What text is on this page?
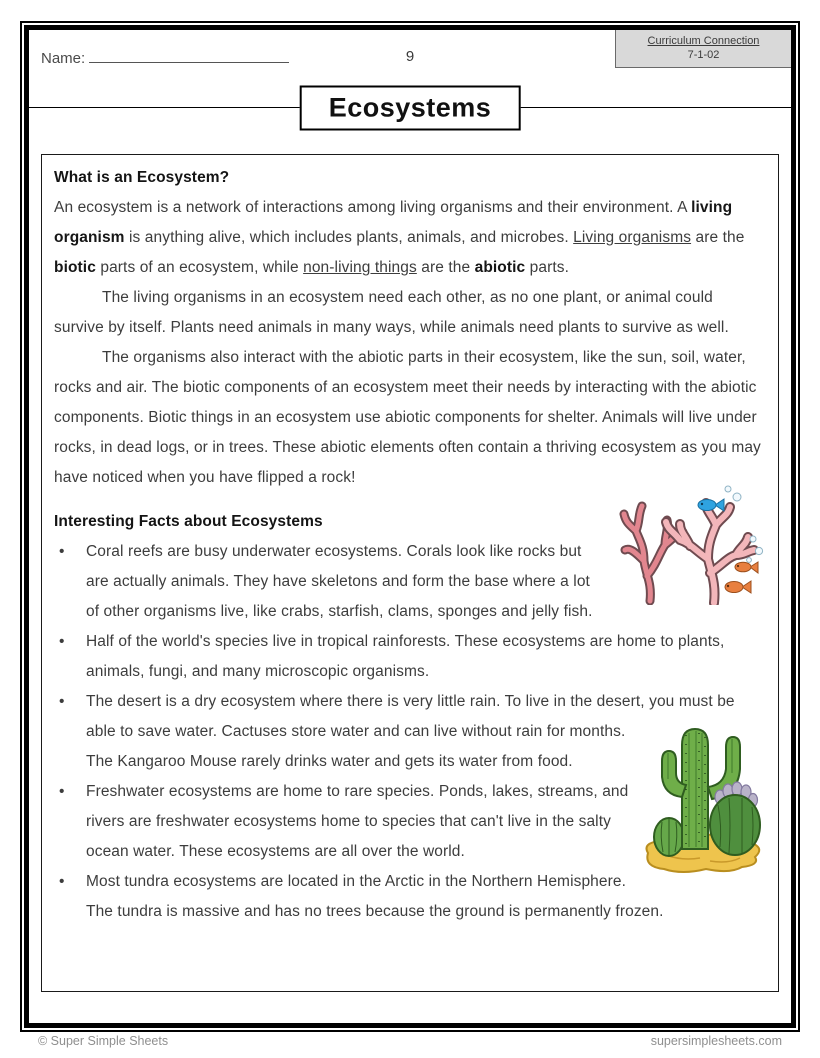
Name:	9
Curriculum Connection
7-1-02
Ecosystems
What is an Ecosystem?
An ecosystem is a network of interactions among living organisms and their environment. A living organism is anything alive, which includes plants, animals, and microbes. Living organisms are the biotic parts of an ecosystem, while non-living things are the abiotic parts.
The living organisms in an ecosystem need each other, as no one plant, or animal could survive by itself. Plants need animals in many ways, while animals need plants to survive as well.
The organisms also interact with the abiotic parts in their ecosystem, like the sun, soil, water, rocks and air. The biotic components of an ecosystem meet their needs by interacting with the abiotic components. Biotic things in an ecosystem use abiotic components for shelter. Animals will live under rocks, in dead logs, or in trees. These abiotic elements often contain a thriving ecosystem as you may have noticed when you have flipped a rock!
Interesting Facts about Ecosystems
• Coral reefs are busy underwater ecosystems. Corals look like rocks but are actually animals. They have skeletons and form the base where a lot of other organisms live, like crabs, starfish, clams, sponges and jelly fish.
• Half of the world's species live in tropical rainforests. These ecosystems are home to plants, animals, fungi, and many microscopic organisms.
• The desert is a dry ecosystem where there is very little rain. To live in the desert, you
must be able to save water. Cactuses store water and can live without rain for months. The Kangaroo Mouse rarely drinks water and gets its water from food.
• Freshwater ecosystems are home to rare species. Ponds, lakes, streams, and rivers are freshwater ecosystems home to species that can't live in the salty ocean water. These ecosystems are all over the world.
• Most tundra ecosystems are located in the Arctic in the Northern Hemisphere. The tundra is massive and has no trees because the ground is permanently frozen.
© Super Simple Sheets	supersimplesheets.com
